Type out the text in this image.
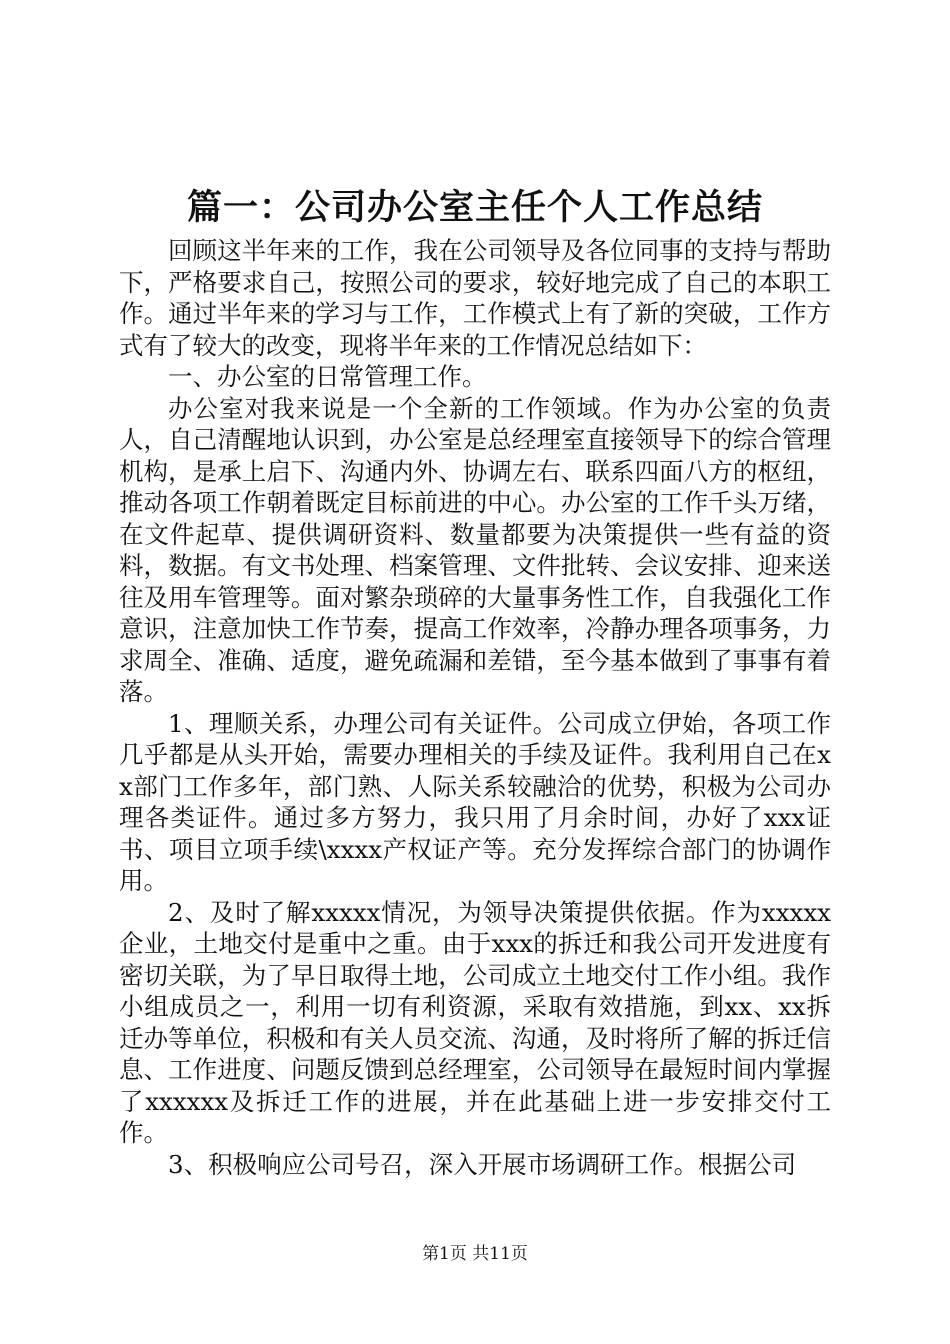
篇一：公司办公室主任个人工作总结

回顾这半年来的工作，我在公司领导及各位同事的支持与帮助下，严格要求自己，按照公司的要求，较好地完成了自己的本职工作。通过半年来的学习与工作，工作模式上有了新的突破，工作方式有了较大的改变，现将半年来的工作情况总结如下：

一、办公室的日常管理工作。

办公室对我来说是一个全新的工作领域。作为办公室的负责人，自己清醒地认识到，办公室是总经理室直接领导下的综合管理机构，是承上启下、沟通内外、协调左右、联系四面八方的枢纽，推动各项工作朝着既定目标前进的中心。办公室的工作千头万绪，在文件起草、提供调研资料、数量都要为决策提供一些有益的资料，数据。有文书处理、档案管理、文件批转、会议安排、迎来送往及用车管理等。面对繁杂琐碎的大量事务性工作，自我强化工作意识，注意加快工作节奏，提高工作效率，冷静办理各项事务，力求周全、准确、适度，避免疏漏和差错，至今基本做到了事事有着落。

1、理顺关系，办理公司有关证件。公司成立伊始，各项工作几乎都是从头开始，需要办理相关的手续及证件。我利用自己在xx部门工作多年，部门熟、人际关系较融洽的优势，积极为公司办理各类证件。通过多方努力，我只用了月余时间，办好了xxx证书、项目立项手续\xxxx产权证产等。充分发挥综合部门的协调作用。

2、及时了解xxxxx情况，为领导决策提供依据。作为xxxxx企业，土地交付是重中之重。由于xxx的拆迁和我公司开发进度有密切关联，为了早日取得土地，公司成立土地交付工作小组。我作小组成员之一，利用一切有利资源，采取有效措施，到xx、xx拆迁办等单位，积极和有关人员交流、沟通，及时将所了解的拆迁信息、工作进度、问题反馈到总经理室，公司领导在最短时间内掌握了xxxxxx及拆迁工作的进展，并在此基础上进一步安排交付工作。

3、积极响应公司号召，深入开展市场调研工作。根据公司

第1页 共11页
